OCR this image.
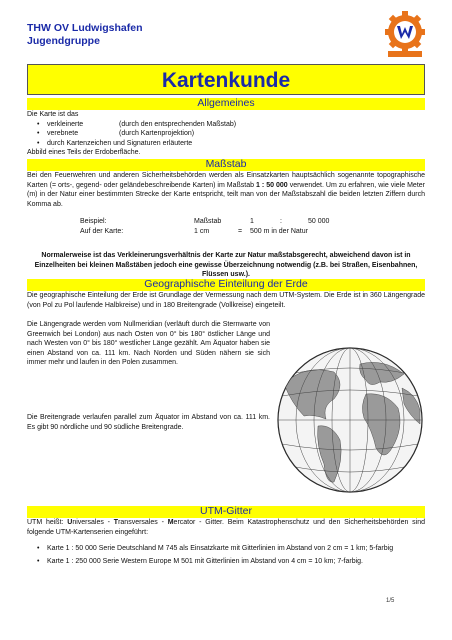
THW OV Ludwigshafen
Jugendgruppe
Kartenkunde
Allgemeines
Die Karte ist das
• verkleinerte	(durch den entsprechenden Maßstab)
• verebnete	(durch Kartenprojektion)
• durch Kartenzeichen und Signaturen erläuterte
Abbild eines Teils der Erdoberfläche.
Maßstab
Bei den Feuerwehren und anderen Sicherheitsbehörden werden als Einsatzkarten hauptsächlich sogenannte topographische Karten (= orts-, gegend- oder geländebeschreibende Karten) im Maßstab 1 : 50 000 verwendet. Um zu erfahren, wie viele Meter (m) in der Natur einer bestimmten Strecke der Karte entspricht, teilt man von der Maßstabszahl die beiden letzten Ziffern durch Komma ab.
Beispiel:	Maßstab	1	:	50 000
Auf der Karte:	1 cm	=	500 m in der Natur
Normalerweise ist das Verkleinerungsverhältnis der Karte zur Natur maßstabsgerecht, abweichend davon ist in Einzelheiten bei kleinen Maßstäben jedoch eine gewisse Überzeichnung notwendig (z.B. bei Straßen, Eisenbahnen, Flüssen usw.).
Geographische Einteilung der Erde
Die geographische Einteilung der Erde ist Grundlage der Vermessung nach dem UTM-System. Die Erde ist in 360 Längengrade (von Pol zu Pol laufende Halbkreise) und in 180 Breitengrade (Vollkreise) eingeteilt.
Die Längengrade werden vom Nullmeridian (verläuft durch die Sternwarte von Greenwich bei London) aus nach Osten von 0° bis 180° östlicher Länge und nach Westen von 0° bis 180° westlicher Länge gezählt. Am Äquator haben sie einen Abstand von ca. 111 km. Nach Norden und Süden nähern sie sich immer mehr und laufen in den Polen zusammen.
Die Breitengrade verlaufen parallel zum Äquator im Abstand von ca. 111 km. Es gibt 90 nördliche und 90 südliche Breitengrade.
UTM-Gitter
UTM heißt: Universales - Transversales - Mercator - Gitter. Beim Katastrophenschutz und den Sicherheitsbehörden sind folgende UTM-Kartenserien eingeführt:
• Karte 1 : 50 000 Serie Deutschland M 745 als Einsatzkarte mit Gitterlinien im Abstand von 2 cm = 1 km; 5-farbig
• Karte 1 : 250 000 Serie Western Europe M 501 mit Gitterlinien im Abstand von 4 cm = 10 km; 7-farbig.
1/5
